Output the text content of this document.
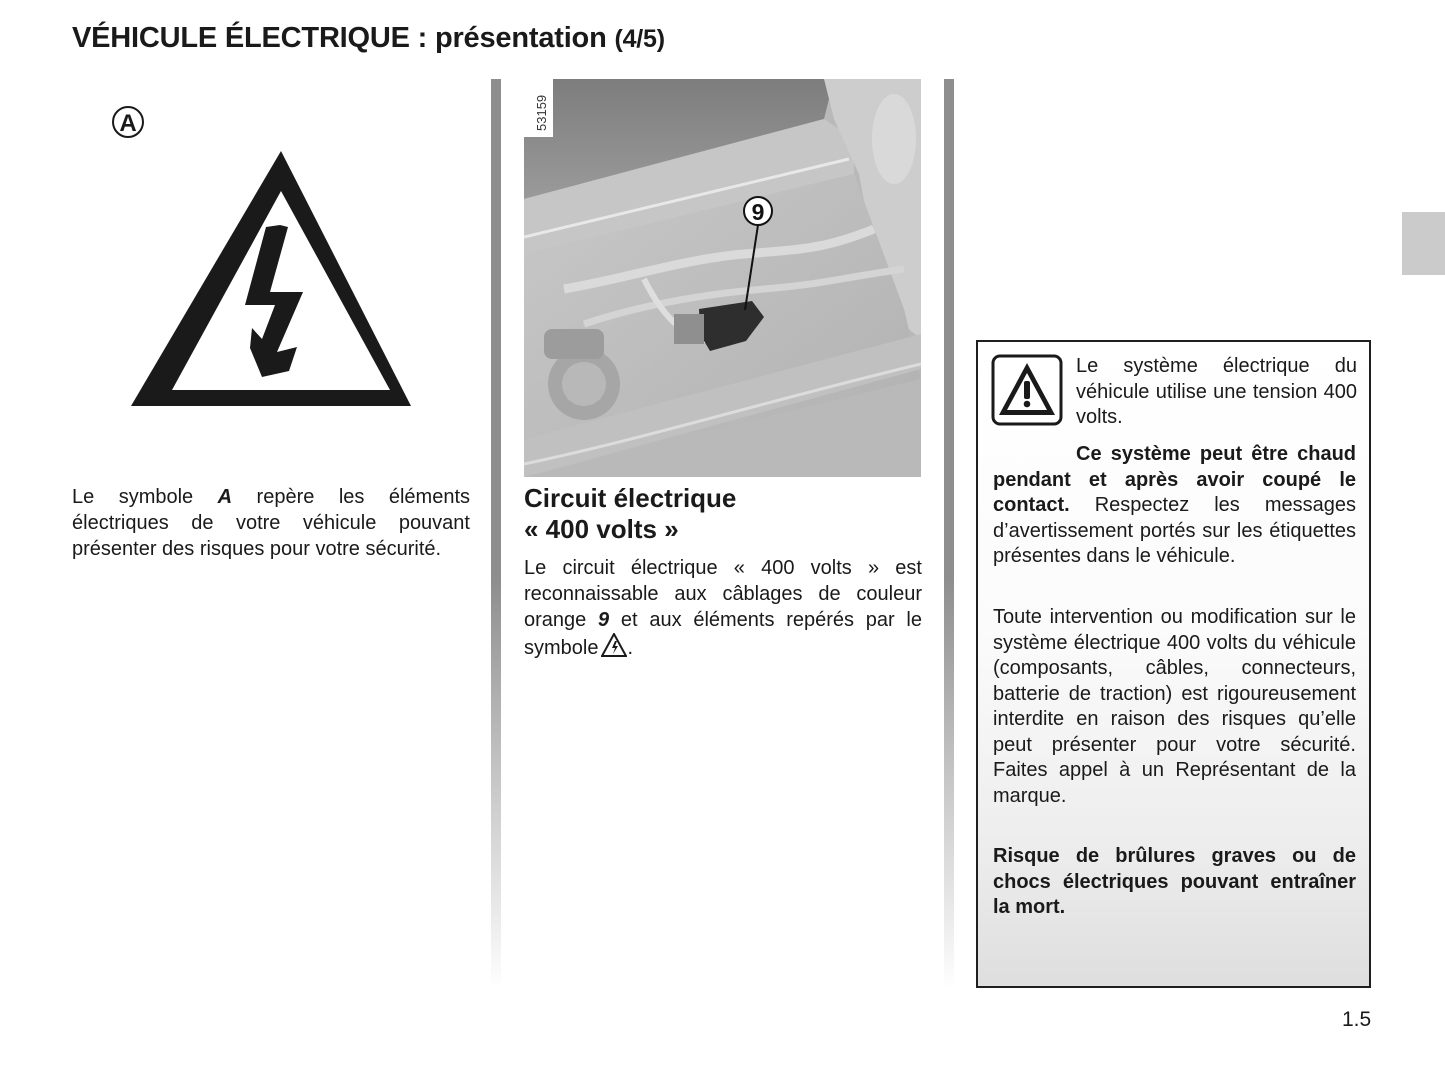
VÉHICULE ÉLECTRIQUE : présentation (4/5)
A

Le symbole A repère les éléments électriques de votre véhicule pouvant présenter des risques pour votre sécurité.

9
53159
Circuit électrique
« 400 volts »

Le circuit électrique « 400 volts » est reconnaissable aux câblages de couleur orange 9 et aux éléments repérés par le symbole .

Le système électrique du véhicule utilise une tension 400 volts.

Ce système peut être chaud pendant et après avoir coupé le contact. Respectez les messages d’avertissement portés sur les étiquettes présentes dans le véhicule.

Toute intervention ou modification sur le système électrique 400 volts du véhicule (composants, câbles, connecteurs, batterie de traction) est rigoureusement interdite en raison des risques qu’elle peut présenter pour votre sécurité. Faites appel à un Représentant de la marque.

Risque de brûlures graves ou de chocs électriques pouvant entraîner la mort.

1.5
